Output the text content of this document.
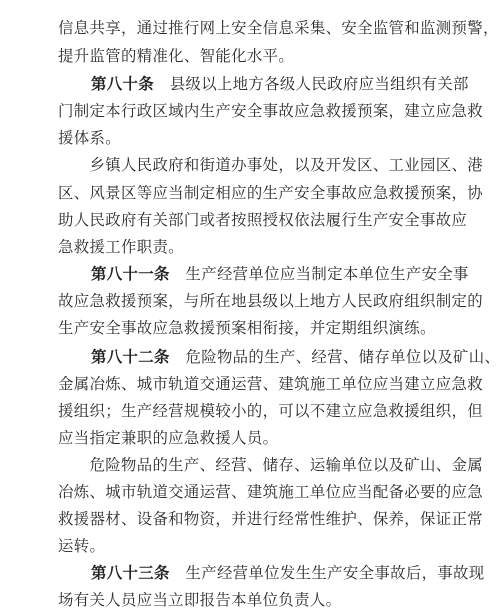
信息共享，通过推行网上安全信息采集、安全监管和监测预警，
提升监管的精准化、智能化水平。
第八十条　县级以上地方各级人民政府应当组织有关部
门制定本行政区域内生产安全事故应急救援预案，建立应急救
援体系。
　　乡镇人民政府和街道办事处，以及开发区、工业园区、港
区、风景区等应当制定相应的生产安全事故应急救援预案，协
助人民政府有关部门或者按照授权依法履行生产安全事故应
急救援工作职责。
第八十一条　生产经营单位应当制定本单位生产安全事
故应急救援预案，与所在地县级以上地方人民政府组织制定的
生产安全事故应急救援预案相衔接，并定期组织演练。
第八十二条　危险物品的生产、经营、储存单位以及矿山、
金属冶炼、城市轨道交通运营、建筑施工单位应当建立应急救
援组织；生产经营规模较小的，可以不建立应急救援组织，但
应当指定兼职的应急救援人员。
　　危险物品的生产、经营、储存、运输单位以及矿山、金属
冶炼、城市轨道交通运营、建筑施工单位应当配备必要的应急
救援器材、设备和物资，并进行经常性维护、保养，保证正常
运转。
第八十三条　生产经营单位发生生产安全事故后，事故现
场有关人员应当立即报告本单位负责人。
